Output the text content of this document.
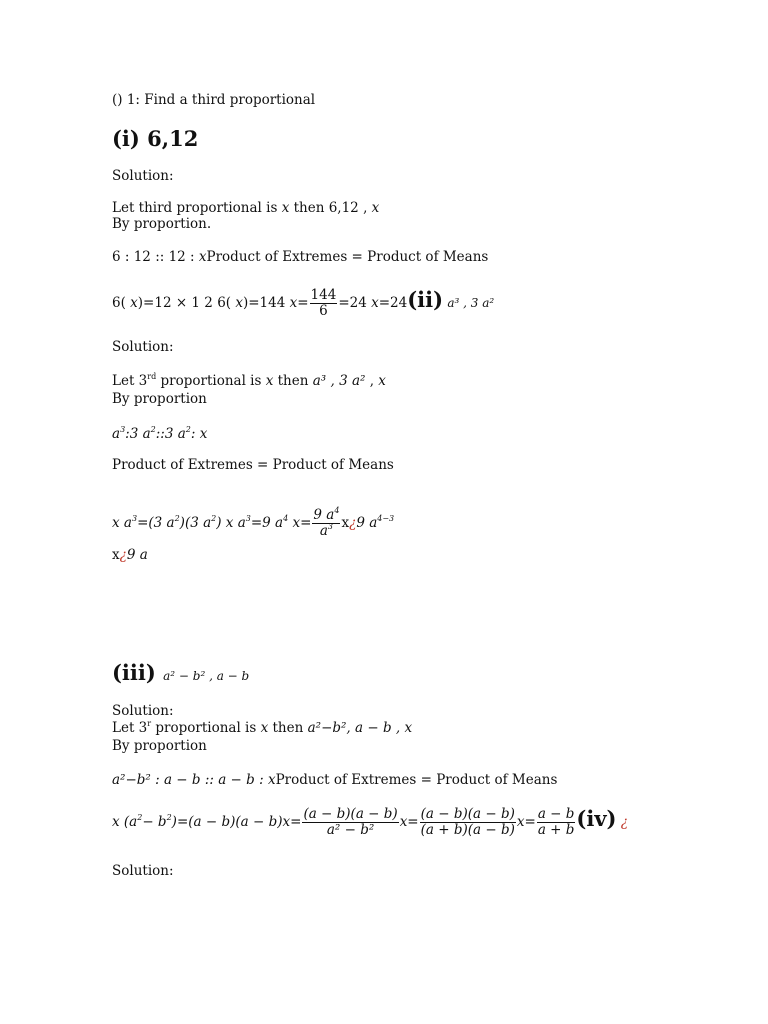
() 1: Find a third proportional
(i) 6,12
Solution:
Let third proportional is x then 6,12 , x
By proportion.
6 : 12 :: 12 : xProduct of Extremes = Product of Means
6( x)=12 × 1 2 6( x)=144 $x= \frac{144}{6} =24$ x=24(ii) a³ , 3 a²
Solution:
Let 3rd proportional is x then a³ , 3 a² , x
By proportion
$a^3:3$ $a^2::3$ $a^2$: x
Product of Extremes = Product of Means
x $a^3=(3$ $a^2)(3$ $a^2$) x $a^3=9$ $a^4$ $x= \frac{9 a^4}{a^3}$ x¿9 $a^{4-3}$
x¿9 a
(iii) a² − b² , a − b
Solution:
Let 3$^r$ proportional is x then a²−b², a − b , x
By proportion
a²−b² : a − b :: a − b : xProduct of Extremes = Product of Means
x $(a^2- b^2)=(a - b)(a - b)x= \frac{(a - b)(a - b)}{\text{a² − b²}} x= \frac{(a - b)(a - b)}{(a + b)(a - b)} x= \frac{a - b}{a + b} (iv)$ ¿
Solution:
